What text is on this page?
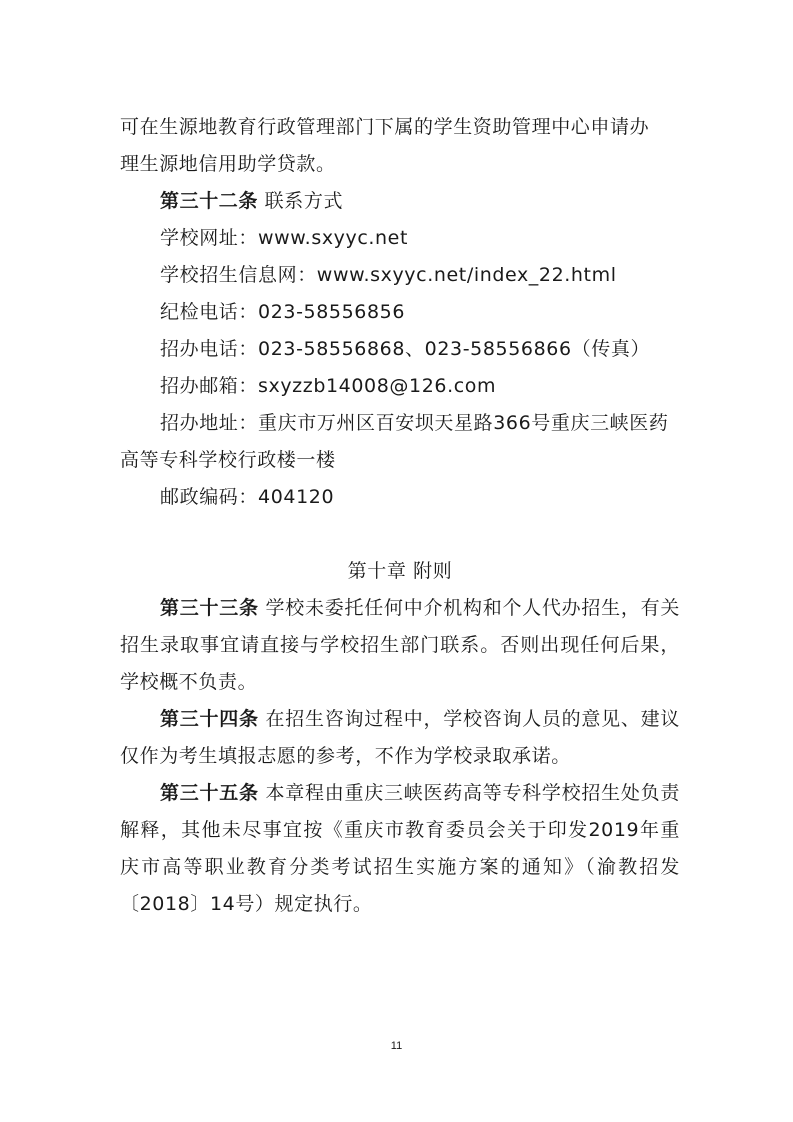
可在生源地教育行政管理部门下属的学生资助管理中心申请办
理生源地信用助学贷款。
第三十二条 联系方式
学校网址：www.sxyyc.net
学校招生信息网：www.sxyyc.net/index_22.html
纪检电话：023-58556856
招办电话：023-58556868、023-58556866（传真）
招办邮箱：sxyzzb14008@126.com
招办地址：重庆市万州区百安坝天星路366号重庆三峡医药
高等专科学校行政楼一楼
邮政编码：404120
第十章 附则
第三十三条 学校未委托任何中介机构和个人代办招生，有关招生录取事宜请直接与学校招生部门联系。否则出现任何后果，学校概不负责。
第三十四条 在招生咨询过程中，学校咨询人员的意见、建议仅作为考生填报志愿的参考，不作为学校录取承诺。
第三十五条 本章程由重庆三峡医药高等专科学校招生处负责解释，其他未尽事宜按《重庆市教育委员会关于印发2019年重庆市高等职业教育分类考试招生实施方案的通知》（渝教招发〔2018〕14号）规定执行。
11
